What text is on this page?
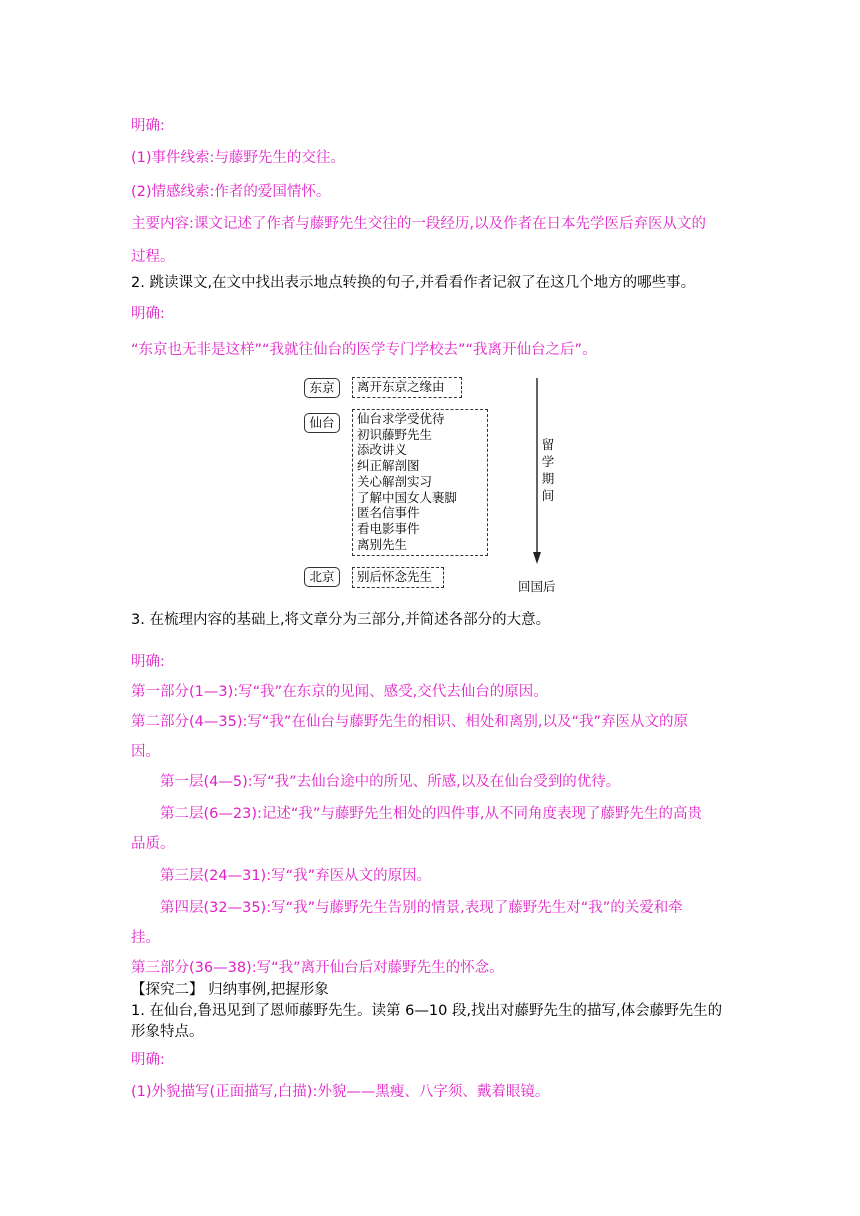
明确:
(1)事件线索:与藤野先生的交往。
(2)情感线索:作者的爱国情怀。
主要内容:课文记述了作者与藤野先生交往的一段经历,以及作者在日本先学医后弃医从文的
过程。
2. 跳读课文,在文中找出表示地点转换的句子,并看看作者记叙了在这几个地方的哪些事。
明确:
“东京也无非是这样”“我就往仙台的医学专门学校去”“我离开仙台之后”。
东京	离开东京之缘由
仙台	仙台求学受优待
初识藤野先生
添改讲义
纠正解剖图
关心解剖实习
了解中国女人裹脚
匿名信事件
看电影事件
离别先生
北京	别后怀念先生
留
学
期
间
回国后
3. 在梳理内容的基础上,将文章分为三部分,并简述各部分的大意。
明确:
第一部分(1—3):写“我”在东京的见闻、感受,交代去仙台的原因。
第二部分(4—35):写“我”在仙台与藤野先生的相识、相处和离别,以及“我”弃医从文的原
因。
第一层(4—5):写“我”去仙台途中的所见、所感,以及在仙台受到的优待。
第二层(6—23):记述“我”与藤野先生相处的四件事,从不同角度表现了藤野先生的高贵
品质。
第三层(24—31):写“我”弃医从文的原因。
第四层(32—35):写“我”与藤野先生告别的情景,表现了藤野先生对“我”的关爱和牵
挂。
第三部分(36—38):写“我”离开仙台后对藤野先生的怀念。
【探究二】 归纳事例,把握形象
1. 在仙台,鲁迅见到了恩师藤野先生。读第 6—10 段,找出对藤野先生的描写,体会藤野先生的
形象特点。
明确:
(1)外貌描写(正面描写,白描):外貌——黑瘦、八字须、戴着眼镜。
